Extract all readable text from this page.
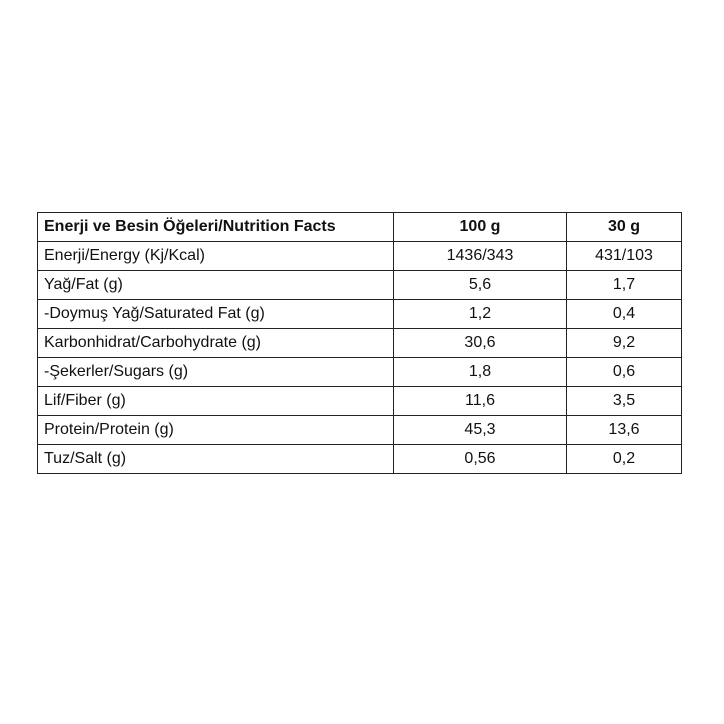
Enerji ve Besin Öğeleri/Nutrition Facts	100 g	30 g
Enerji/Energy (Kj/Kcal)	1436/343	431/103
Yağ/Fat (g)	5,6	1,7
-Doymuş Yağ/Saturated Fat (g)	1,2	0,4
Karbonhidrat/Carbohydrate (g)	30,6	9,2
-Şekerler/Sugars (g)	1,8	0,6
Lif/Fiber (g)	11,6	3,5
Protein/Protein (g)	45,3	13,6
Tuz/Salt (g)	0,56	0,2
